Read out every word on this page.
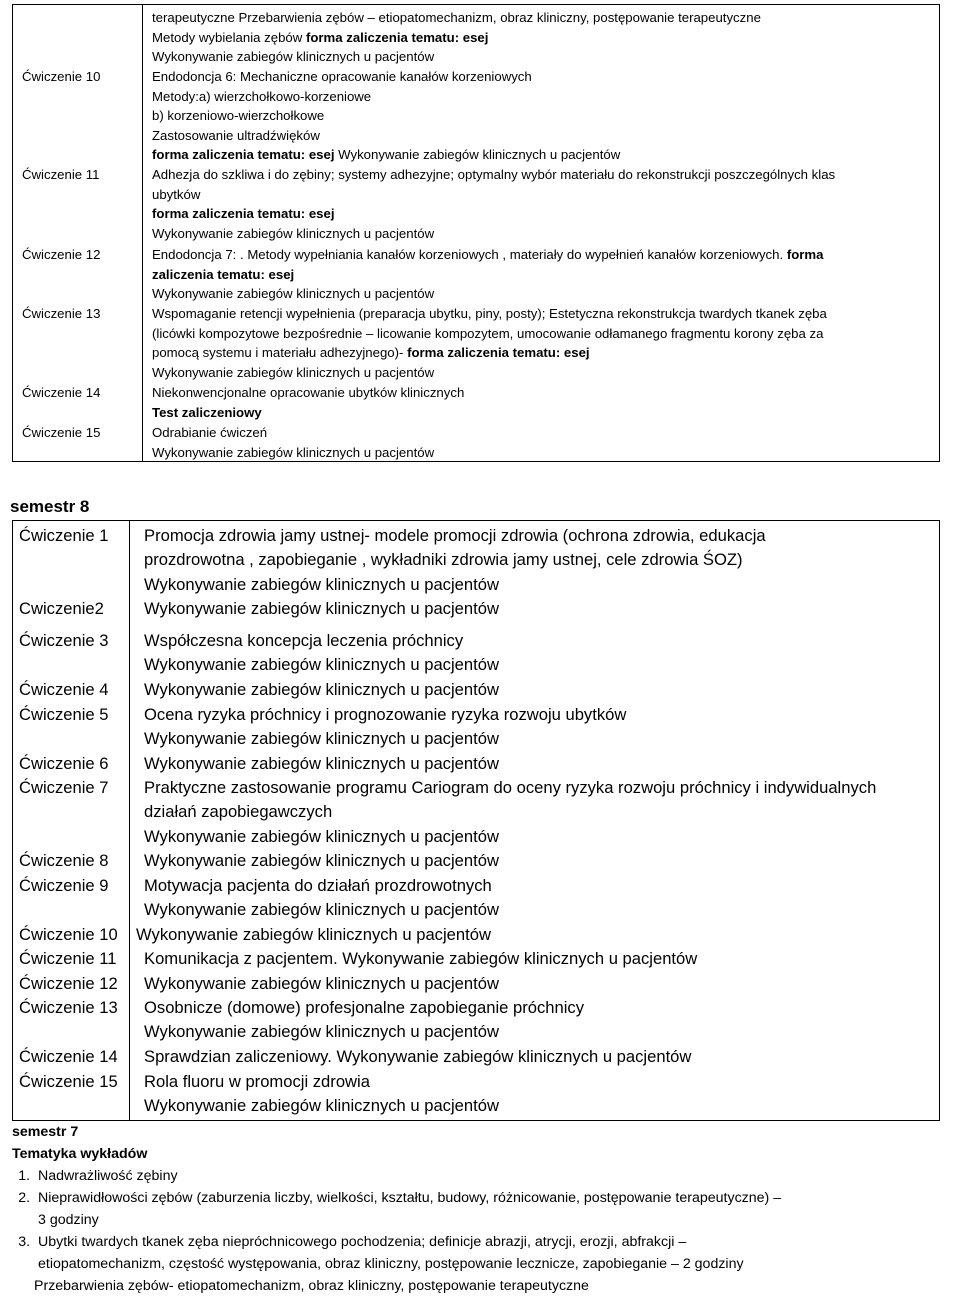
terapeutyczne Przebarwienia zębów – etiopatomechanizm, obraz kliniczny, postępowanie terapeutyczne
Metody wybielania zębów forma zaliczenia tematu: esej
Wykonywanie zabiegów klinicznych u pacjentów
Ćwiczenie 10	Endodoncja 6: Mechaniczne opracowanie kanałów korzeniowych
Metody:a) wierzchołkowo-korzeniowe
b) korzeniowo-wierzchołkowe
Zastosowanie ultradźwięków
forma zaliczenia tematu: esej Wykonywanie zabiegów klinicznych u pacjentów
Ćwiczenie 11	Adhezja do szkliwa i do zębiny; systemy adhezyjne; optymalny wybór materiału do rekonstrukcji poszczególnych klas
ubytków
forma zaliczenia tematu: esej
Wykonywanie zabiegów klinicznych u pacjentów
Ćwiczenie 12	Endodoncja 7: . Metody wypełniania kanałów korzeniowych , materiały do wypełnień kanałów korzeniowych. forma
zaliczenia tematu: esej
Wykonywanie zabiegów klinicznych u pacjentów
Ćwiczenie 13	Wspomaganie retencji wypełnienia (preparacja ubytku, piny, posty); Estetyczna rekonstrukcja twardych tkanek zęba
(licówki kompozytowe bezpośrednie – licowanie kompozytem, umocowanie odłamanego fragmentu korony zęba za
pomocą systemu i materiału adhezyjnego)- forma zaliczenia tematu: esej
Wykonywanie zabiegów klinicznych u pacjentów
Ćwiczenie 14	Niekonwencjonalne opracowanie ubytków klinicznych
Test zaliczeniowy
Ćwiczenie 15	Odrabianie ćwiczeń
Wykonywanie zabiegów klinicznych u pacjentów
semestr 8
Ćwiczenie 1	Promocja zdrowia jamy ustnej- modele promocji zdrowia (ochrona zdrowia, edukacja
prozdrowotna , zapobieganie , wykładniki zdrowia jamy ustnej, cele zdrowia ŚOZ)
Wykonywanie zabiegów klinicznych u pacjentów
Cwiczenie2	Wykonywanie zabiegów klinicznych u pacjentów
Ćwiczenie 3	Współczesna koncepcja leczenia próchnicy
Wykonywanie zabiegów klinicznych u pacjentów
Ćwiczenie 4	Wykonywanie zabiegów klinicznych u pacjentów
Ćwiczenie 5	Ocena ryzyka próchnicy i prognozowanie ryzyka rozwoju ubytków
Wykonywanie zabiegów klinicznych u pacjentów
Ćwiczenie 6	Wykonywanie zabiegów klinicznych u pacjentów
Ćwiczenie 7	Praktyczne zastosowanie programu Cariogram do oceny ryzyka rozwoju próchnicy i indywidualnych
działań zapobiegawczych
Wykonywanie zabiegów klinicznych u pacjentów
Ćwiczenie 8	Wykonywanie zabiegów klinicznych u pacjentów
Ćwiczenie 9	Motywacja pacjenta do działań prozdrowotnych
Wykonywanie zabiegów klinicznych u pacjentów
Ćwiczenie 10 Wykonywanie zabiegów klinicznych u pacjentów
Ćwiczenie 11	Komunikacja z pacjentem. Wykonywanie zabiegów klinicznych u pacjentów
Ćwiczenie 12	Wykonywanie zabiegów klinicznych u pacjentów
Ćwiczenie 13	Osobnicze (domowe) profesjonalne zapobieganie próchnicy
Wykonywanie zabiegów klinicznych u pacjentów
Ćwiczenie 14	Sprawdzian zaliczeniowy. Wykonywanie zabiegów klinicznych u pacjentów
Ćwiczenie 15	Rola fluoru w promocji zdrowia
Wykonywanie zabiegów klinicznych u pacjentów
semestr 7
Tematyka wykładów
1. Nadwrażliwość zębiny
2. Nieprawidłowości zębów (zaburzenia liczby, wielkości, kształtu, budowy, różnicowanie, postępowanie terapeutyczne) –
3 godziny
3. Ubytki twardych tkanek zęba niepróchnicowego pochodzenia; definicje abrazji, atrycji, erozji, abfrakcji –
etiopatomechanizm, częstość występowania, obraz kliniczny, postępowanie lecznicze, zapobieganie – 2 godziny
Przebarwienia zębów- etiopatomechanizm, obraz kliniczny, postępowanie terapeutyczne
